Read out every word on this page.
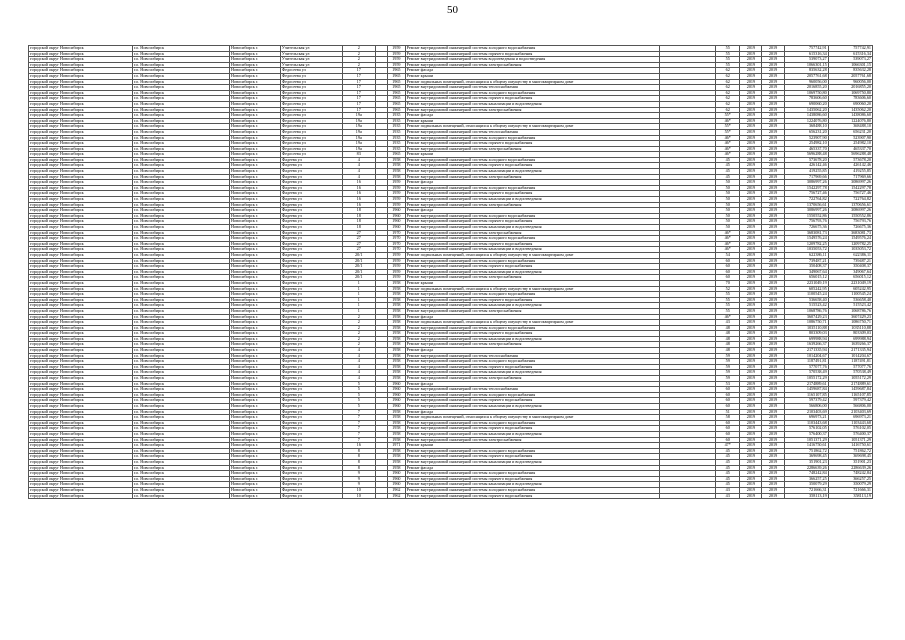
50
городской округ Новосибирск	г.о. Новосибирск	Новосибирск г.	Учительская ул	2		1959	Ремонт внутридомовой инженерной системы холодного водоснабжения		55	2019	2019	757742,91	757742,91
городской округ Новосибирск	г.о. Новосибирск	Новосибирск г.	Учительская ул	2		1959	Ремонт внутридомовой инженерной системы горячего водоснабжения		55	2019	2019	615316,34	615316,34
городской округ Новосибирск	г.о. Новосибирск	Новосибирск г.	Учительская ул	2		1959	Ремонт внутридомовой инженерной системы водоотведения и водоотведения		55	2019	2019	539073,27	539073,27
городской округ Новосибирск	г.о. Новосибирск	Новосибирск г.	Учительская ул	2		1959	Ремонт внутридомовой инженерной системы электроснабжения		55	2019	2019	1066301,15	1066301,15
городской округ Новосибирск	г.о. Новосибирск	Новосибирск г.	Федосеева ул	17		1965	Ремонт фасада		62	2019	2019	835632,28	835632,28
городской округ Новосибирск	г.о. Новосибирск	Новосибирск г.	Федосеева ул	17		1965	Ремонт крыши		62	2019	2019	2057761,68	2057761,68
городской округ Новосибирск	г.о. Новосибирск	Новосибирск г.	Федосеева ул	17		1965	Ремонт подвальных помещений, относящихся к общему имуществу в многоквартирном доме		62	2019	2019	960056,00	960056,00
городской округ Новосибирск	г.о. Новосибирск	Новосибирск г.	Федосеева ул	17		1965	Ремонт внутридомовой инженерной системы теплоснабжения		62	2019	2019	2016855,20	2016855,20
городской округ Новосибирск	г.о. Новосибирск	Новосибирск г.	Федосеева ул	17		1965	Ремонт внутридомовой инженерной системы холодного водоснабжения		62	2019	2019	1069750,80	1069750,80
городской округ Новосибирск	г.о. Новосибирск	Новосибирск г.	Федосеева ул	17		1965	Ремонт внутридомовой инженерной системы горячего водоснабжения		62	2019	2019	783606,60	783606,60
городской округ Новосибирск	г.о. Новосибирск	Новосибирск г.	Федосеева ул	17		1965	Ремонт внутридомовой инженерной системы канализации и водоотведения		62	2019	2019	690060,20	690060,20
городской округ Новосибирск	г.о. Новосибирск	Новосибирск г.	Федосеева ул	17		1965	Ремонт внутридомовой инженерной системы электроснабжения		62	2019	2019	1435062,20	1435062,20
городской округ Новосибирск	г.о. Новосибирск	Новосибирск г.	Федосеева ул	19а		1935	Ремонт фасада		55*	2019	2019	1438086,60	1438086,60
городской округ Новосибирск	г.о. Новосибирск	Новосибирск г.	Федосеева ул	19а		1935	Ремонт крыши		46*	2019	2019	1224076,80	1224076,80
городской округ Новосибирск	г.о. Новосибирск	Новосибирск г.	Федосеева ул	19а		1935	Ремонт подвальных помещений, относящихся к общему имуществу в многоквартирном доме		55*	2019	2019	368488,10	368488,10
городской округ Новосибирск	г.о. Новосибирск	Новосибирск г.	Федосеева ул	19а		1935	Ремонт внутридомовой инженерной системы теплоснабжения		55*	2019	2019	656231,20	656231,20
городской округ Новосибирск	г.о. Новосибирск	Новосибирск г.	Федосеева ул	19а		1935	Ремонт внутридомовой инженерной системы холодного водоснабжения		46*	2019	2019	523907,90	523907,90
городской округ Новосибирск	г.о. Новосибирск	Новосибирск г.	Федосеева ул	19а		1935	Ремонт внутридомовой инженерной системы горячего водоснабжения		46*	2019	2019	254982,10	254982,10
городской округ Новосибирск	г.о. Новосибирск	Новосибирск г.	Федосеева ул	19а		1935	Ремонт внутридомовой инженерной системы электроснабжения		46*	2019	2019	465337,70	465337,70
городской округ Новосибирск	г.о. Новосибирск	Новосибирск г.	Федосеева ул	83		1965	Ремонт крыши		46*	2019	2019	5696288,48	5696288,48
городской округ Новосибирск	г.о. Новосибирск	Новосибирск г.	Фадеева ул	4		1958	Ремонт внутридомовой инженерной системы холодного водоснабжения		45	2019	2019	573678,20	573678,20
городской округ Новосибирск	г.о. Новосибирск	Новосибирск г.	Фадеева ул	4		1958	Ремонт внутридомовой инженерной системы горячего водоснабжения		45	2019	2019	426142,46	426142,46
городской округ Новосибирск	г.о. Новосибирск	Новосибирск г.	Фадеева ул	4		1958	Ремонт внутридомовой инженерной системы канализации и водоотведения		45	2019	2019	419255,85	419255,85
городской округ Новосибирск	г.о. Новосибирск	Новосибирск г.	Фадеева ул	4		1958	Ремонт внутридомовой инженерной системы электроснабжения		45	2019	2019	717969,66	717969,66
городской округ Новосибирск	г.о. Новосибирск	Новосибирск г.	Фадеева ул	16		1959	Ремонт фасада		50	2019	2019	3086997,26	3086997,26
городской округ Новосибирск	г.о. Новосибирск	Новосибирск г.	Фадеева ул	16		1959	Ремонт внутридомовой инженерной системы холодного водоснабжения		50	2019	2019	1542297,78	1542297,78
городской округ Новосибирск	г.о. Новосибирск	Новосибирск г.	Фадеева ул	16		1959	Ремонт внутридомовой инженерной системы горячего водоснабжения		50	2019	2019	756727,46	756727,46
городской округ Новосибирск	г.о. Новосибирск	Новосибирск г.	Фадеева ул	16		1959	Ремонт внутридомовой инженерной системы канализации и водоотведения		50	2019	2019	722764,82	722764,82
городской округ Новосибирск	г.о. Новосибирск	Новосибирск г.	Фадеева ул	16		1959	Ремонт внутридомовой инженерной системы электроснабжения		50	2019	2019	1370656,61	1370656,61
городской округ Новосибирск	г.о. Новосибирск	Новосибирск г.	Фадеева ул	18		1960	Ремонт фасада		50	2019	2019	3086997,26	3086997,26
городской округ Новосибирск	г.о. Новосибирск	Новосибирск г.	Фадеева ул	18		1960	Ремонт внутридомовой инженерной системы холодного водоснабжения		50	2019	2019	1550552,86	1550552,86
городской округ Новосибирск	г.о. Новосибирск	Новосибирск г.	Фадеева ул	18		1960	Ремонт внутридомовой инженерной системы горячего водоснабжения		50	2019	2019	756793,76	756793,76
городской округ Новосибирск	г.о. Новосибирск	Новосибирск г.	Фадеева ул	18		1960	Ремонт внутридомовой инженерной системы канализации и водоотведения		50	2019	2019	726675,36	726675,36
городской округ Новосибирск	г.о. Новосибирск	Новосибирск г.	Фадеева ул	27		1970	Ремонт внутридомовой инженерной системы электроснабжения		46*	2019	2019	3683081,73	3683081,73
городской округ Новосибирск	г.о. Новосибирск	Новосибирск г.	Фадеева ул	27		1970	Ремонт внутридомовой инженерной системы холодного водоснабжения		46*	2019	2019	1549576,24	1549576,24
городской округ Новосибирск	г.о. Новосибирск	Новосибирск г.	Фадеева ул	27		1970	Ремонт внутридомовой инженерной системы горячего водоснабжения		46*	2019	2019	1209782,25	1209782,25
городской округ Новосибирск	г.о. Новосибирск	Новосибирск г.	Фадеева ул	27		1970	Ремонт внутридомовой инженерной системы канализации и водоотведения		46*	2019	2019	1035053,72	1035053,72
городской округ Новосибирск	г.о. Новосибирск	Новосибирск г.	Фадеева ул	20/1		1959	Ремонт подвальных помещений, относящихся к общему имуществу в многоквартирном доме		54	2019	2019	622386,11	622386,11
городской округ Новосибирск	г.о. Новосибирск	Новосибирск г.	Фадеева ул	20/1		1959	Ремонт внутридомовой инженерной системы холодного водоснабжения		60	2019	2019	739487,21	739487,21
городской округ Новосибирск	г.о. Новосибирск	Новосибирск г.	Фадеева ул	20/1		1959	Ремонт внутридомовой инженерной системы горячего водоснабжения		60	2019	2019	350408,37	350408,37
городской округ Новосибирск	г.о. Новосибирск	Новосибирск г.	Фадеева ул	20/1		1959	Ремонт внутридомовой инженерной системы канализации и водоотведения		60	2019	2019	349067,64	349067,64
городской округ Новосибирск	г.о. Новосибирск	Новосибирск г.	Фадеева ул	20/1		1959	Ремонт внутридомовой инженерной системы электроснабжения		60	2019	2019	656015,12	656015,12
городской округ Новосибирск	г.о. Новосибирск	Новосибирск г.	Фадеева ул	1		1958	Ремонт крыши		70	2019	2019	2231049,19	2231049,19
городской округ Новосибирск	г.о. Новосибирск	Новосибирск г.	Фадеева ул	1		1958	Ремонт подвальных помещений, относящихся к общему имуществу в многоквартирном доме		52	2019	2019	605242,95	605242,95
городской округ Новосибирск	г.о. Новосибирск	Новосибирск г.	Фадеева ул	1		1958	Ремонт внутридомовой инженерной системы холодного водоснабжения		55	2019	2019	1100545,24	1100545,24
городской округ Новосибирск	г.о. Новосибирск	Новосибирск г.	Фадеева ул	1		1958	Ремонт внутридомовой инженерной системы горячего водоснабжения		55	2019	2019	536658,40	536658,40
городской округ Новосибирск	г.о. Новосибирск	Новосибирск г.	Фадеева ул	1		1958	Ремонт внутридомовой инженерной системы канализации и водоотведения		55	2019	2019	515523,42	515523,42
городской округ Новосибирск	г.о. Новосибирск	Новосибирск г.	Фадеева ул	1		1958	Ремонт внутридомовой инженерной системы электроснабжения		55	2019	2019	1068786,76	1068786,76
городской округ Новосибирск	г.о. Новосибирск	Новосибирск г.	Фадеева ул	2		1958	Ремонт фасада		46*	2019	2019	3607429,23	3607429,23
городской округ Новосибирск	г.о. Новосибирск	Новосибирск г.	Фадеева ул	2		1958	Ремонт подвальных помещений, относящихся к общему имуществу в многоквартирном доме		43	2019	2019	1086750,71	1086750,71
городской округ Новосибирск	г.о. Новосибирск	Новосибирск г.	Фадеева ул	2		1958	Ремонт внутридомовой инженерной системы холодного водоснабжения		48	2019	2019	1035110,88	1035110,88
городской округ Новосибирск	г.о. Новосибирск	Новосибирск г.	Фадеева ул	2		1958	Ремонт внутридомовой инженерной системы горячего водоснабжения		48	2019	2019	803309,03	803309,03
городской округ Новосибирск	г.о. Новосибирск	Новосибирск г.	Фадеева ул	2		1958	Ремонт внутридомовой инженерной системы канализации и водоотведения		48	2019	2019	699988,94	699988,94
городской округ Новосибирск	г.о. Новосибирск	Новосибирск г.	Фадеева ул	2		1958	Ремонт внутридомовой инженерной системы электроснабжения		48	2019	2019	1639266,37	1639266,37
городской округ Новосибирск	г.о. Новосибирск	Новосибирск г.	Фадеева ул	4		1958	Ремонт фасада		48	2019	2019	2171335,94	2171335,94
городской округ Новосибирск	г.о. Новосибирск	Новосибирск г.	Фадеева ул	4		1958	Ремонт внутридомовой инженерной системы теплоснабжения		59	2019	2019	1014204,67	1014204,67
городской округ Новосибирск	г.о. Новосибирск	Новосибирск г.	Фадеева ул	4		1958	Ремонт внутридомовой инженерной системы холодного водоснабжения		59	2019	2019	1187491,81	1187491,81
городской округ Новосибирск	г.о. Новосибирск	Новосибирск г.	Фадеева ул	4		1958	Ремонт внутридомовой инженерной системы горячего водоснабжения		59	2019	2019	577077,76	577077,76
городской округ Новосибирск	г.о. Новосибирск	Новосибирск г.	Фадеева ул	4		1958	Ремонт внутридомовой инженерной системы канализации и водоотведения		59	2019	2019	570538,49	570538,49
городской округ Новосибирск	г.о. Новосибирск	Новосибирск г.	Фадеева ул	4		1958	Ремонт внутридомовой инженерной системы электроснабжения		59	2019	2019	1055172,29	1055172,29
городской округ Новосибирск	г.о. Новосибирск	Новосибирск г.	Фадеева ул	5		1960	Ремонт фасада		53	2019	2019	2174889,61	2174889,61
городской округ Новосибирск	г.о. Новосибирск	Новосибирск г.	Фадеева ул	5		1960	Ремонт внутридомовой инженерной системы теплоснабжения		60	2019	2019	1459687,84	1459687,84
городской округ Новосибирск	г.о. Новосибирск	Новосибирск г.	Фадеева ул	5		1960	Ремонт внутридомовой инженерной системы холодного водоснабжения		60	2019	2019	1165107,85	1165107,85
городской округ Новосибирск	г.о. Новосибирск	Новосибирск г.	Фадеева ул	5		1960	Ремонт внутридомовой инженерной системы горячего водоснабжения		60	2019	2019	597379,42	597379,42
городской округ Новосибирск	г.о. Новосибирск	Новосибирск г.	Фадеева ул	5		1960	Ремонт внутридомовой инженерной системы канализации и водоотведения		60	2019	2019	566806,00	566806,00
городской округ Новосибирск	г.о. Новосибирск	Новосибирск г.	Фадеева ул	7		1958	Ремонт фасада		51	2019	2019	2103403,69	2103403,69
городской округ Новосибирск	г.о. Новосибирск	Новосибирск г.	Фадеева ул	7		1958	Ремонт подвальных помещений, относящихся к общему имуществу в многоквартирном доме		58	2019	2019	696973,21	696973,21
городской округ Новосибирск	г.о. Новосибирск	Новосибирск г.	Фадеева ул	7		1958	Ремонт внутридомовой инженерной системы холодного водоснабжения		60	2019	2019	1103443,68	1103443,68
городской округ Новосибирск	г.о. Новосибирск	Новосибирск г.	Фадеева ул	7		1958	Ремонт внутридомовой инженерной системы горячего водоснабжения		60	2019	2019	576102,05	576102,05
городской округ Новосибирск	г.о. Новосибирск	Новосибирск г.	Фадеева ул	7		1958	Ремонт внутридомовой инженерной системы канализации и водоотведения		60	2019	2019	576400,37	576400,37
городской округ Новосибирск	г.о. Новосибирск	Новосибирск г.	Фадеева ул	7		1958	Ремонт внутридомовой инженерной системы электроснабжения		60	2019	2019	1051371,29	1051371,29
городской округ Новосибирск	г.о. Новосибирск	Новосибирск г.	Фадеева ул	16		1971	Ремонт крыши		47*	2019	2019	1416750,61	1416750,61
городской округ Новосибирск	г.о. Новосибирск	Новосибирск г.	Фадеева ул	8		1958	Ремонт внутридомовой инженерной системы холодного водоснабжения		45	2019	2019	751862,72	751862,72
городской округ Новосибирск	г.о. Новосибирск	Новосибирск г.	Фадеева ул	8		1958	Ремонт внутридомовой инженерной системы горячего водоснабжения		45	2019	2019	369698,45	369698,45
городской округ Новосибирск	г.о. Новосибирск	Новосибирск г.	Фадеева ул	8		1958	Ремонт внутридомовой инженерной системы канализации и водоотведения		45	2019	2019	351901,23	351901,23
городской округ Новосибирск	г.о. Новосибирск	Новосибирск г.	Фадеева ул	8		1958	Ремонт фасада		45	2019	2019	2286639,26	2286639,26
городской округ Новосибирск	г.о. Новосибирск	Новосибирск г.	Фадеева ул	9		1960	Ремонт внутридомовой инженерной системы холодного водоснабжения		45	2019	2019	748242,84	748242,84
городской округ Новосибирск	г.о. Новосибирск	Новосибирск г.	Фадеева ул	9		1960	Ремонт внутридомовой инженерной системы горячего водоснабжения		45	2019	2019	366257,25	366257,25
городской округ Новосибирск	г.о. Новосибирск	Новосибирск г.	Фадеева ул	9		1960	Ремонт внутридомовой инженерной системы канализации и водоотведения		45	2019	2019	350079,29	350079,29
городской округ Новосибирск	г.о. Новосибирск	Новосибирск г.	Фадеева ул	10		1962	Ремонт внутридомовой инженерной системы холодного водоснабжения		43	2019	2019	721666,31	721666,31
городской округ Новосибирск	г.о. Новосибирск	Новосибирск г.	Фадеева ул	10		1962	Ремонт внутридомовой инженерной системы горячего водоснабжения		43	2019	2019	358113,19	358113,19
